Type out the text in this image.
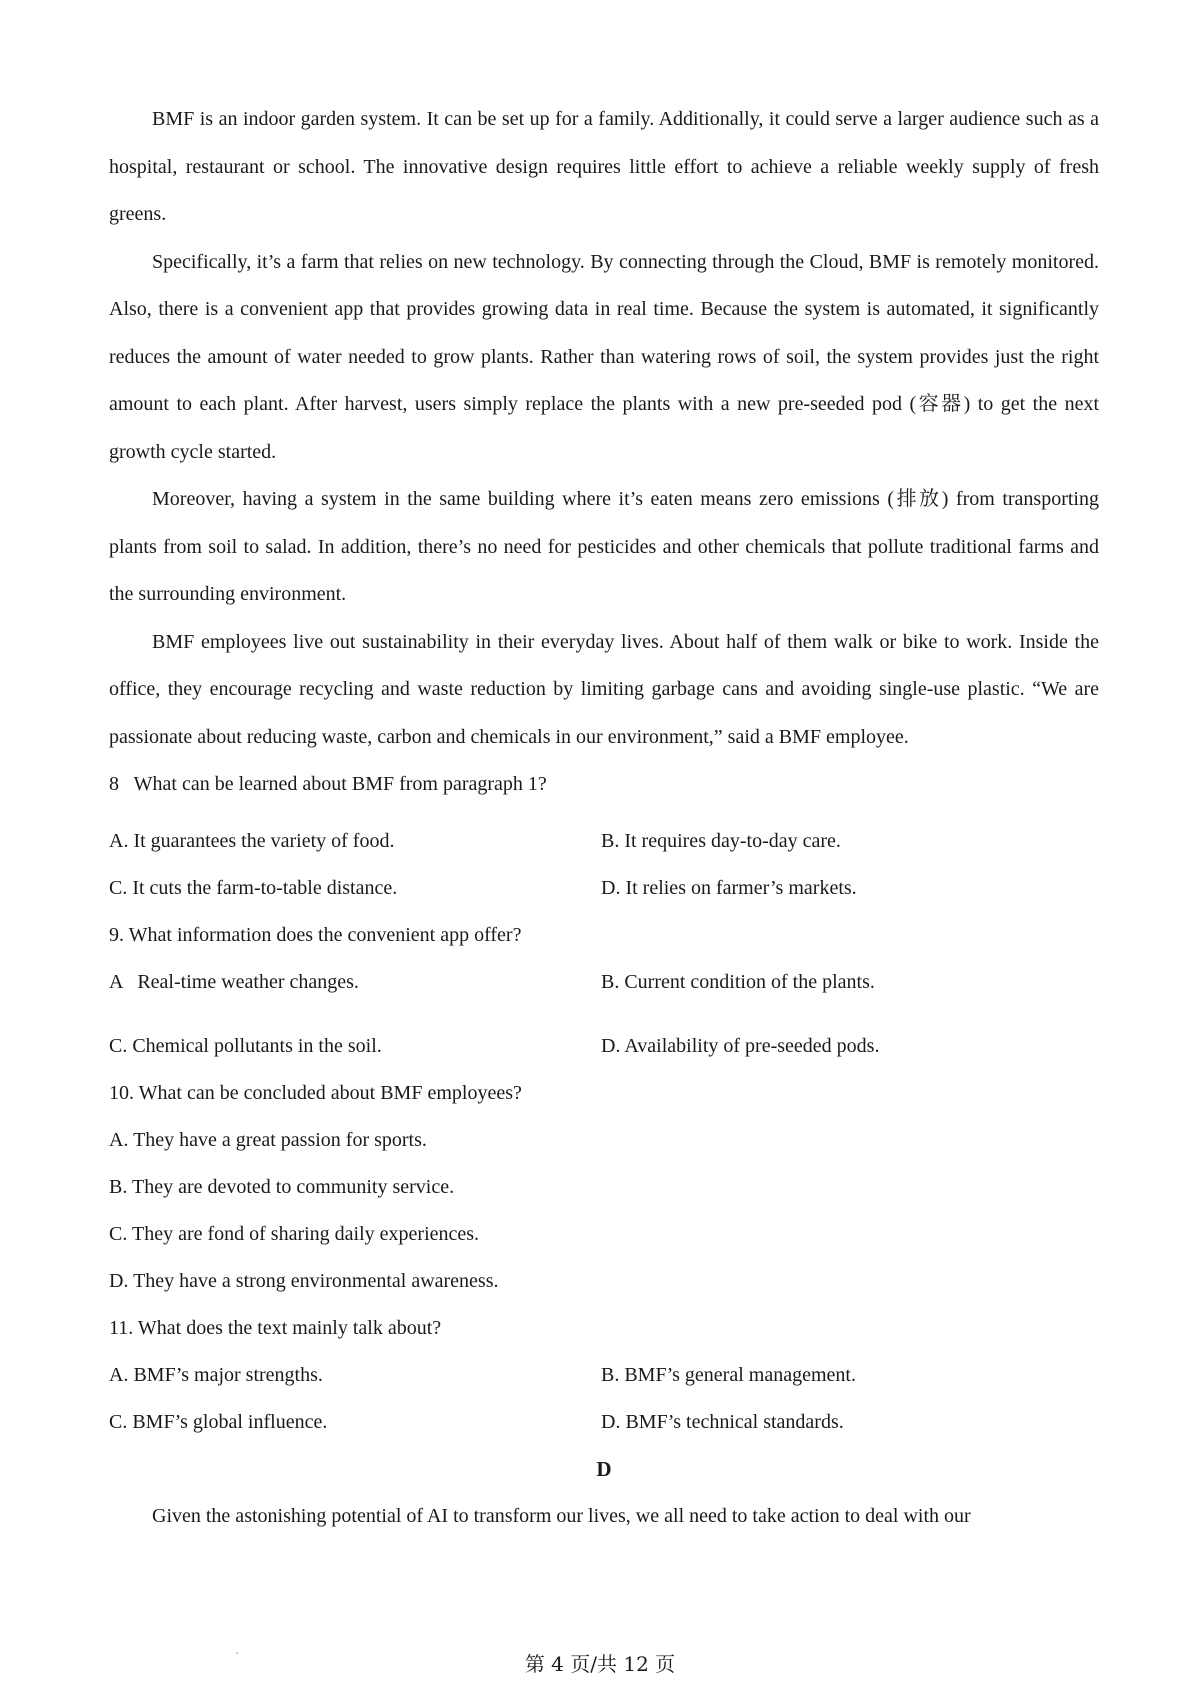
BMF is an indoor garden system. It can be set up for a family. Additionally, it could serve a larger audience such as a hospital, restaurant or school. The innovative design requires little effort to achieve a reliable weekly supply of fresh greens.

Specifically, it’s a farm that relies on new technology. By connecting through the Cloud, BMF is remotely monitored. Also, there is a convenient app that provides growing data in real time. Because the system is automated, it significantly reduces the amount of water needed to grow plants. Rather than watering rows of soil, the system provides just the right amount to each plant. After harvest, users simply replace the plants with a new pre-seeded pod (容器) to get the next growth cycle started.

Moreover, having a system in the same building where it’s eaten means zero emissions (排放) from transporting plants from soil to salad. In addition, there’s no need for pesticides and other chemicals that pollute traditional farms and the surrounding environment.

BMF employees live out sustainability in their everyday lives. About half of them walk or bike to work. Inside the office, they encourage recycling and waste reduction by limiting garbage cans and avoiding single-use plastic. “We are passionate about reducing waste, carbon and chemicals in our environment,” said a BMF employee.

8   What can be learned about BMF from paragraph 1?

A. It guarantees the variety of food.	B. It requires day-to-day care.
C. It cuts the farm-to-table distance.	D. It relies on farmer’s markets.

9. What information does the convenient app offer?

A   Real-time weather changes.	B. Current condition of the plants.
C. Chemical pollutants in the soil.	D. Availability of pre-seeded pods.

10. What can be concluded about BMF employees?

A. They have a great passion for sports.

B. They are devoted to community service.

C. They are fond of sharing daily experiences.

D. They have a strong environmental awareness.

11. What does the text mainly talk about?

A. BMF’s major strengths.	B. BMF’s general management.
C. BMF’s global influence.	D. BMF’s technical standards.

D

Given the astonishing potential of AI to transform our lives, we all need to take action to deal with our

第 4 页/共 12 页
